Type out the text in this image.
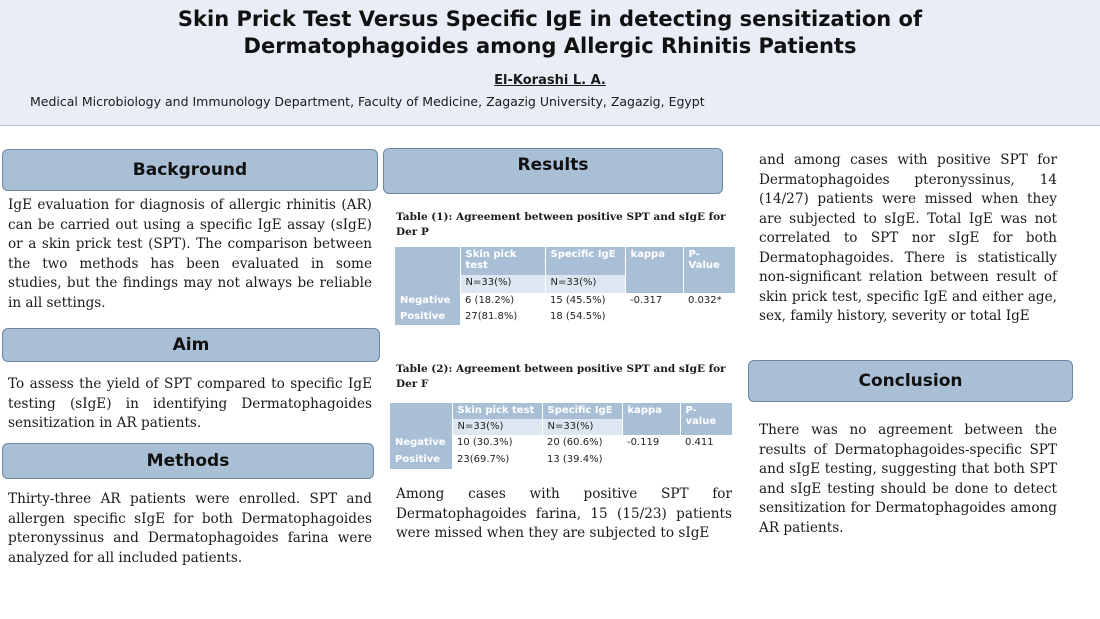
Skin Prick Test Versus Specific IgE in detecting sensitization of Dermatophagoides among Allergic Rhinitis Patients
El-Korashi L. A.
Medical Microbiology and Immunology Department, Faculty of Medicine, Zagazig University, Zagazig, Egypt
Background
IgE evaluation for diagnosis of allergic rhinitis (AR) can be carried out using a specific IgE assay (sIgE) or a skin prick test (SPT). The comparison between the two methods has been evaluated in some studies, but the findings may not always be reliable in all settings.
Aim
To assess the yield of SPT compared to specific IgE testing (sIgE) in identifying Dermatophagoides sensitization in AR patients.
Methods
Thirty-three AR patients were enrolled. SPT and allergen specific sIgE for both Dermatophagoides pteronyssinus and Dermatophagoides farina were analyzed for all included patients.
Results
Table (1): Agreement between positive SPT and sIgE for Der P
	Skin pick test	Specific IgE	kappa	P-Value
	N=33(%)	N=33(%)		
Negative	6 (18.2%)	15 (45.5%)	-0.317	0.032*
Positive	27(81.8%)	18 (54.5%)		
Table (2): Agreement between positive SPT and sIgE for Der F
	Skin pick test	Specific IgE	kappa	P-value
	N=33(%)	N=33(%)		
Negative	10 (30.3%)	20 (60.6%)	-0.119	0.411
Positive	23(69.7%)	13 (39.4%)		
Among cases with positive SPT for Dermatophagoides farina, 15 (15/23) patients were missed when they are subjected to sIgE
and among cases with positive SPT for Dermatophagoides pteronyssinus, 14 (14/27) patients were missed when they are subjected to sIgE. Total IgE was not correlated to SPT nor sIgE for both Dermatophagoides. There is statistically non-significant relation between result of skin prick test, specific IgE and either age, sex, family history, severity or total IgE
Conclusion
There was no agreement between the results of Dermatophagoides-specific SPT and sIgE testing, suggesting that both SPT and sIgE testing should be done to detect sensitization for Dermatophagoides among AR patients.
